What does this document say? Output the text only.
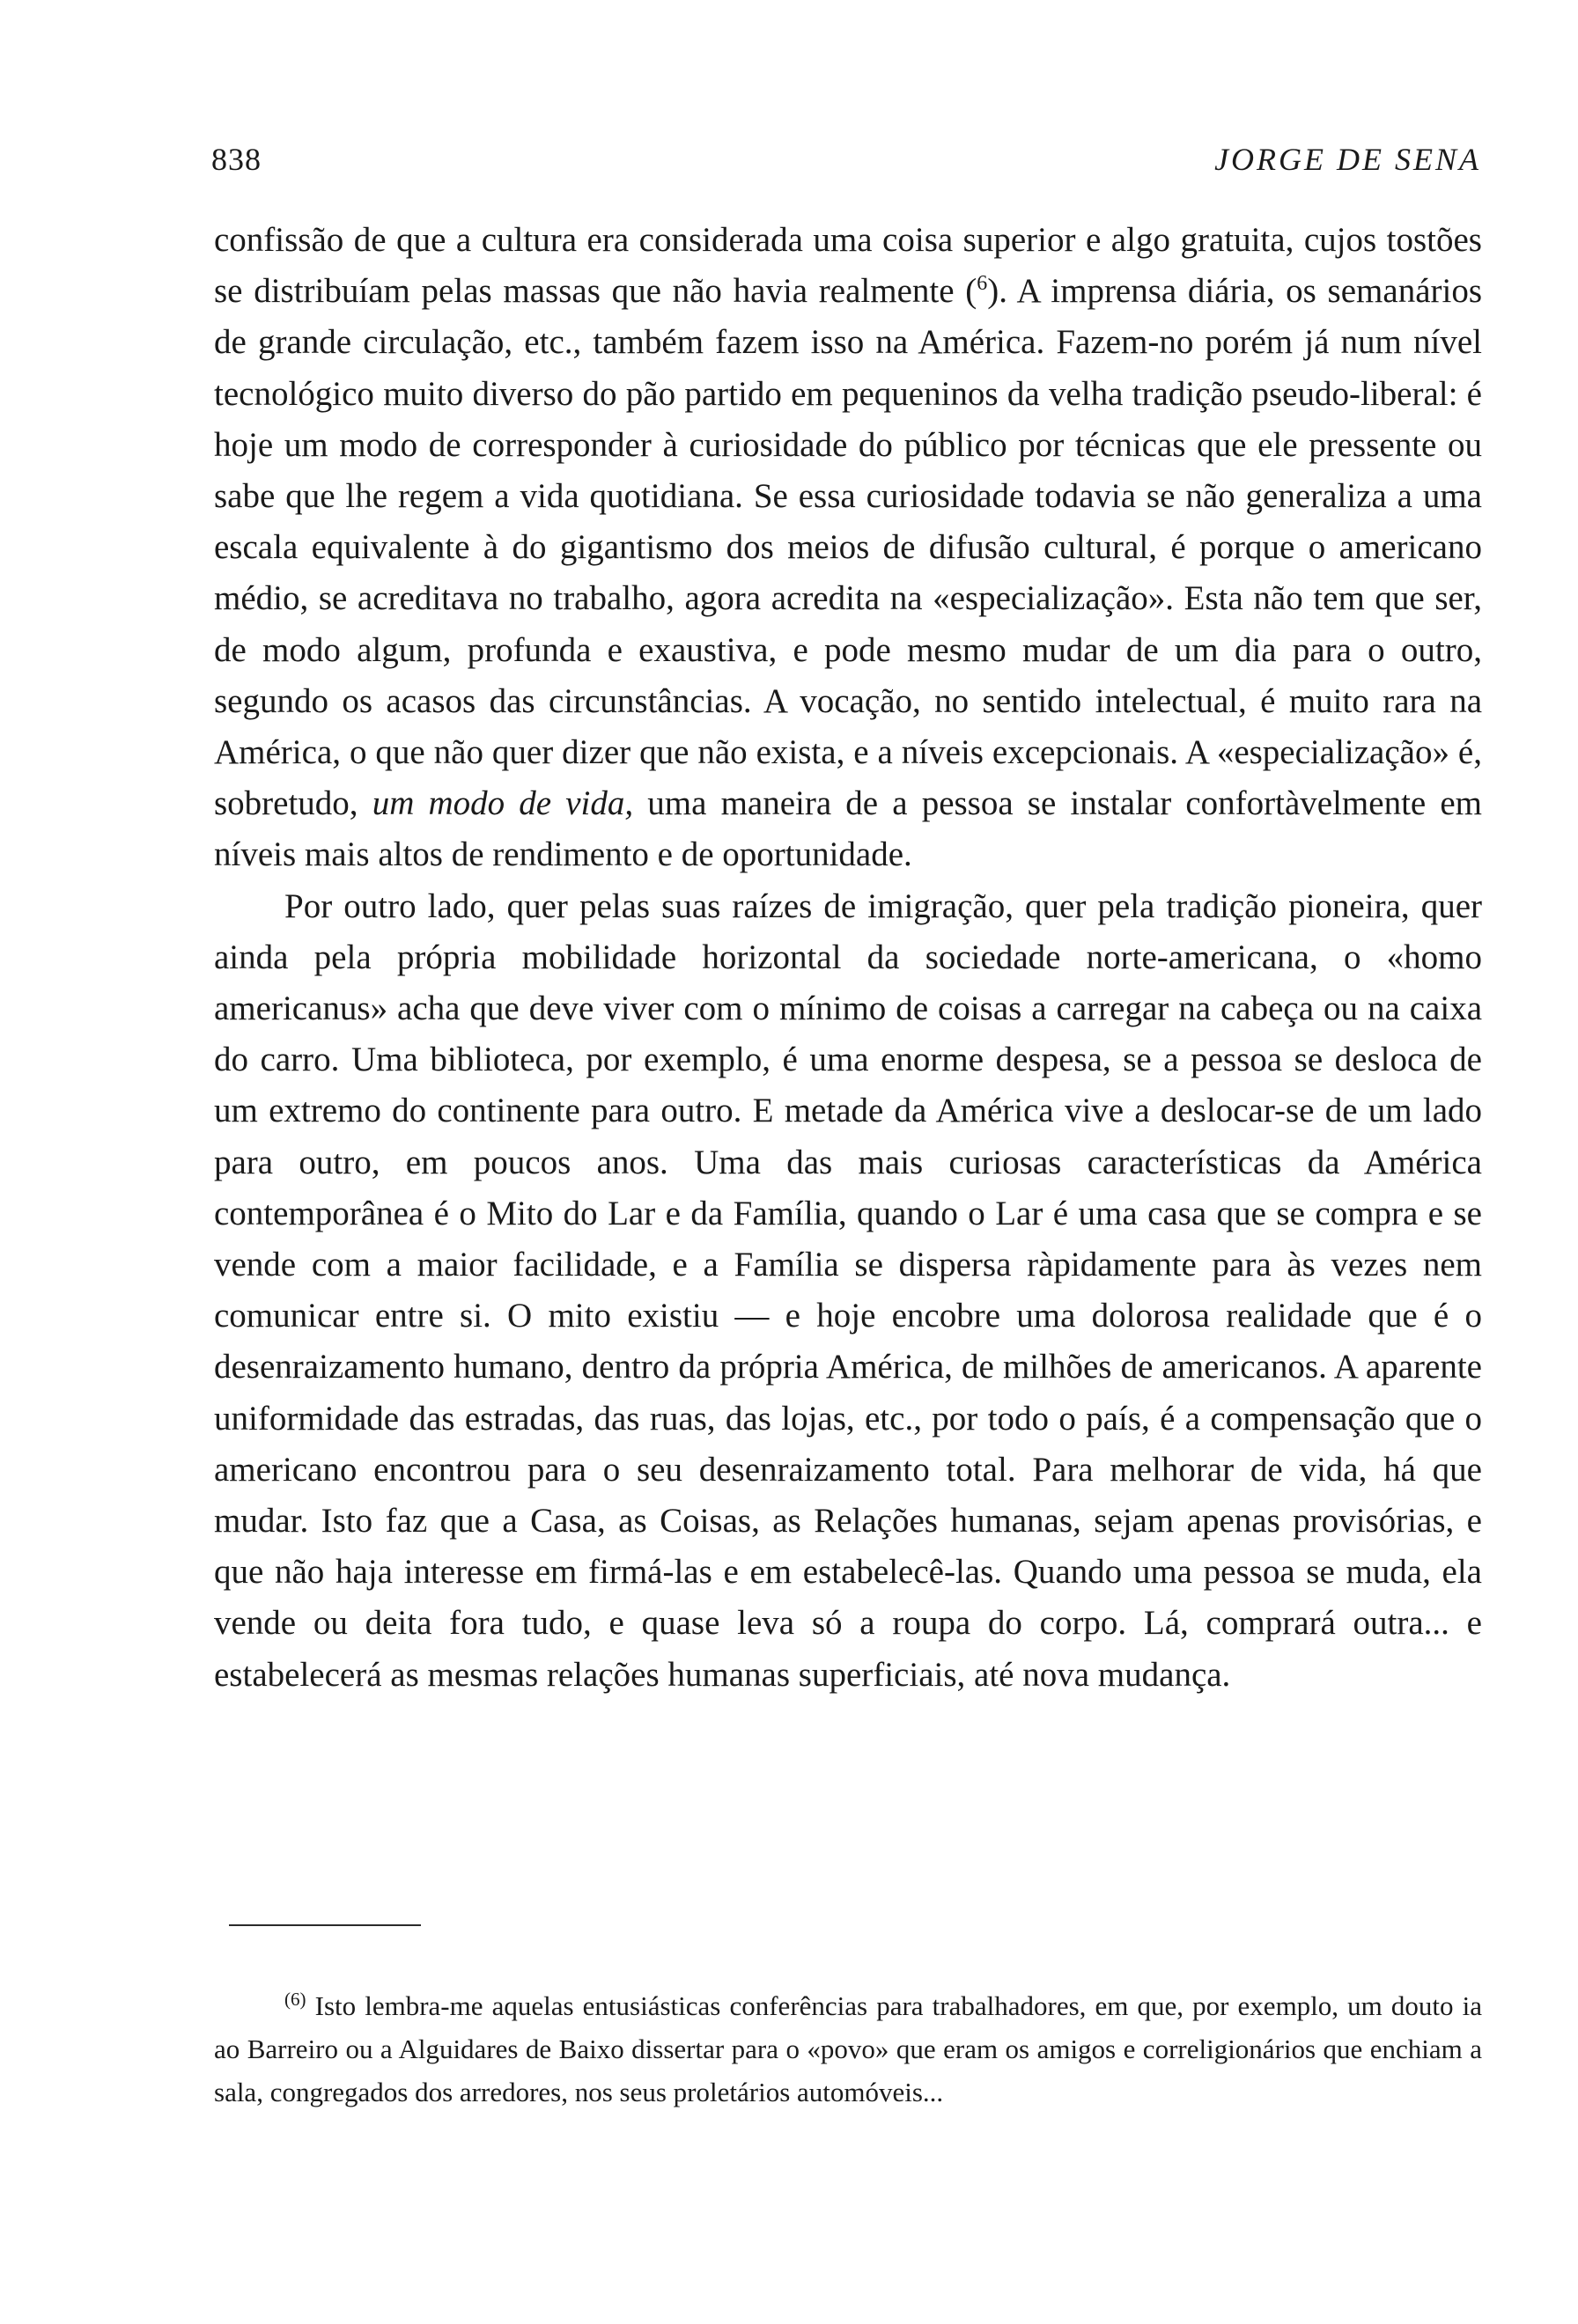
838	JORGE DE SENA

confissão de que a cultura era considerada uma coisa superior e algo gratuita, cujos tostões se distribuíam pelas massas que não havia realmente ($^6$). A imprensa diária, os semanários de grande circulação, etc., também fazem isso na América. Fazem-no porém já num nível tecnológico muito diverso do pão partido em pequeninos da velha tradição pseudo-liberal: é hoje um modo de corresponder à curiosidade do público por técnicas que ele pressente ou sabe que lhe regem a vida quotidiana. Se essa curiosidade todavia se não generaliza a uma escala equivalente à do gigantismo dos meios de difusão cultural, é porque o americano médio, se acreditava no trabalho, agora acredita na «especialização». Esta não tem que ser, de modo algum, profunda e exaustiva, e pode mesmo mudar de um dia para o outro, segundo os acasos das circunstâncias. A vocação, no sentido intelectual, é muito rara na América, o que não quer dizer que não exista, e a níveis excepcionais. A «especialização» é, sobretudo, um modo de vida, uma maneira de a pessoa se instalar confortàvelmente em níveis mais altos de rendimento e de oportunidade.

Por outro lado, quer pelas suas raízes de imigração, quer pela tradição pioneira, quer ainda pela própria mobilidade horizontal da sociedade norte-americana, o «homo americanus» acha que deve viver com o mínimo de coisas a carregar na cabeça ou na caixa do carro. Uma biblioteca, por exemplo, é uma enorme despesa, se a pessoa se desloca de um extremo do continente para outro. E metade da América vive a deslocar-se de um lado para outro, em poucos anos. Uma das mais curiosas características da América contemporânea é o Mito do Lar e da Família, quando o Lar é uma casa que se compra e se vende com a maior facilidade, e a Família se dispersa ràpidamente para às vezes nem comunicar entre si. O mito existiu — e hoje encobre uma dolorosa realidade que é o desenraizamento humano, dentro da própria América, de milhões de americanos. A aparente uniformidade das estradas, das ruas, das lojas, etc., por todo o país, é a compensação que o americano encontrou para o seu desenraizamento total. Para melhorar de vida, há que mudar. Isto faz que a Casa, as Coisas, as Relações humanas, sejam apenas provisórias, e que não haja interesse em firmá-las e em estabelecê-las. Quando uma pessoa se muda, ela vende ou deita fora tudo, e quase leva só a roupa do corpo. Lá, comprará outra... e estabelecerá as mesmas relações humanas superficiais, até nova mudança.

$^{(6)}$ Isto lembra-me aquelas entusiásticas conferências para trabalhadores, em que, por exemplo, um douto ia ao Barreiro ou a Alguidares de Baixo dissertar para o «povo» que eram os amigos e correligionários que enchiam a sala, congregados dos arredores, nos seus proletários automóveis...
